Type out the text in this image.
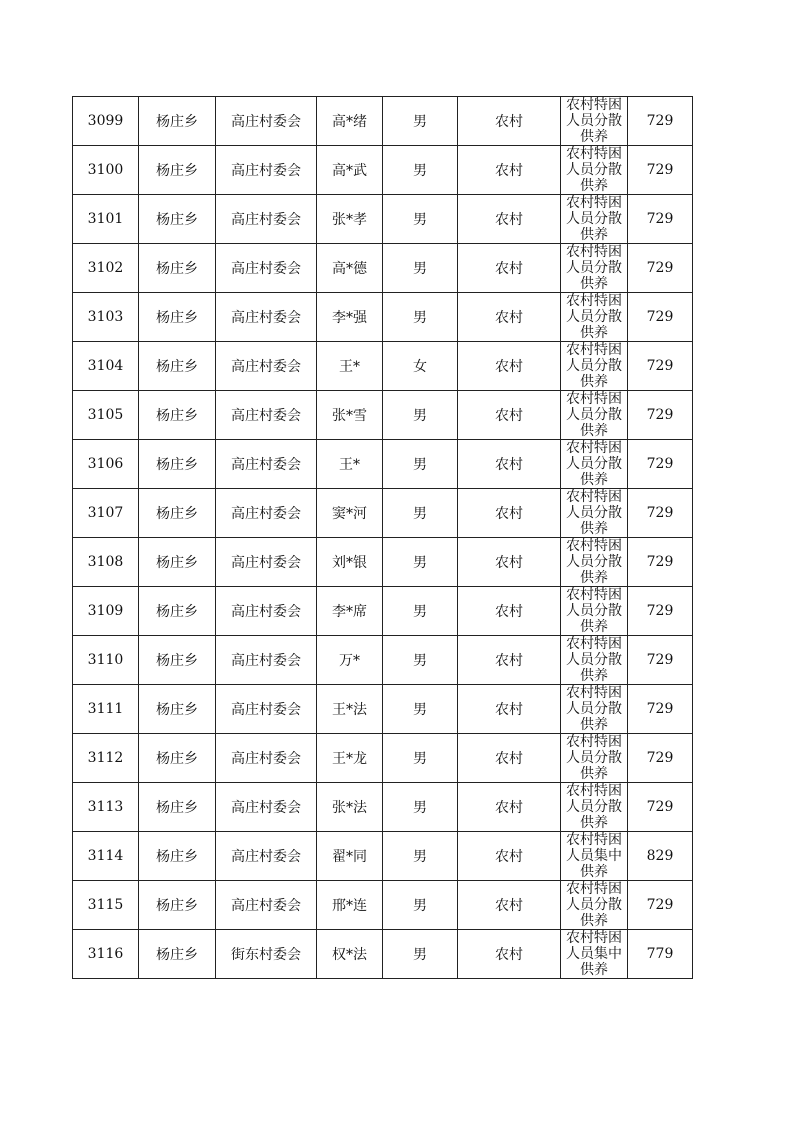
3099	杨庄乡	高庄村委会	高*绪	男	农村	农村特困人员分散供养	729
3100	杨庄乡	高庄村委会	高*武	男	农村	农村特困人员分散供养	729
3101	杨庄乡	高庄村委会	张*孝	男	农村	农村特困人员分散供养	729
3102	杨庄乡	高庄村委会	高*德	男	农村	农村特困人员分散供养	729
3103	杨庄乡	高庄村委会	李*强	男	农村	农村特困人员分散供养	729
3104	杨庄乡	高庄村委会	王*	女	农村	农村特困人员分散供养	729
3105	杨庄乡	高庄村委会	张*雪	男	农村	农村特困人员分散供养	729
3106	杨庄乡	高庄村委会	王*	男	农村	农村特困人员分散供养	729
3107	杨庄乡	高庄村委会	窦*河	男	农村	农村特困人员分散供养	729
3108	杨庄乡	高庄村委会	刘*银	男	农村	农村特困人员分散供养	729
3109	杨庄乡	高庄村委会	李*席	男	农村	农村特困人员分散供养	729
3110	杨庄乡	高庄村委会	万*	男	农村	农村特困人员分散供养	729
3111	杨庄乡	高庄村委会	王*法	男	农村	农村特困人员分散供养	729
3112	杨庄乡	高庄村委会	王*龙	男	农村	农村特困人员分散供养	729
3113	杨庄乡	高庄村委会	张*法	男	农村	农村特困人员分散供养	729
3114	杨庄乡	高庄村委会	翟*同	男	农村	农村特困人员集中供养	829
3115	杨庄乡	高庄村委会	邢*连	男	农村	农村特困人员分散供养	729
3116	杨庄乡	街东村委会	权*法	男	农村	农村特困人员集中供养	779
